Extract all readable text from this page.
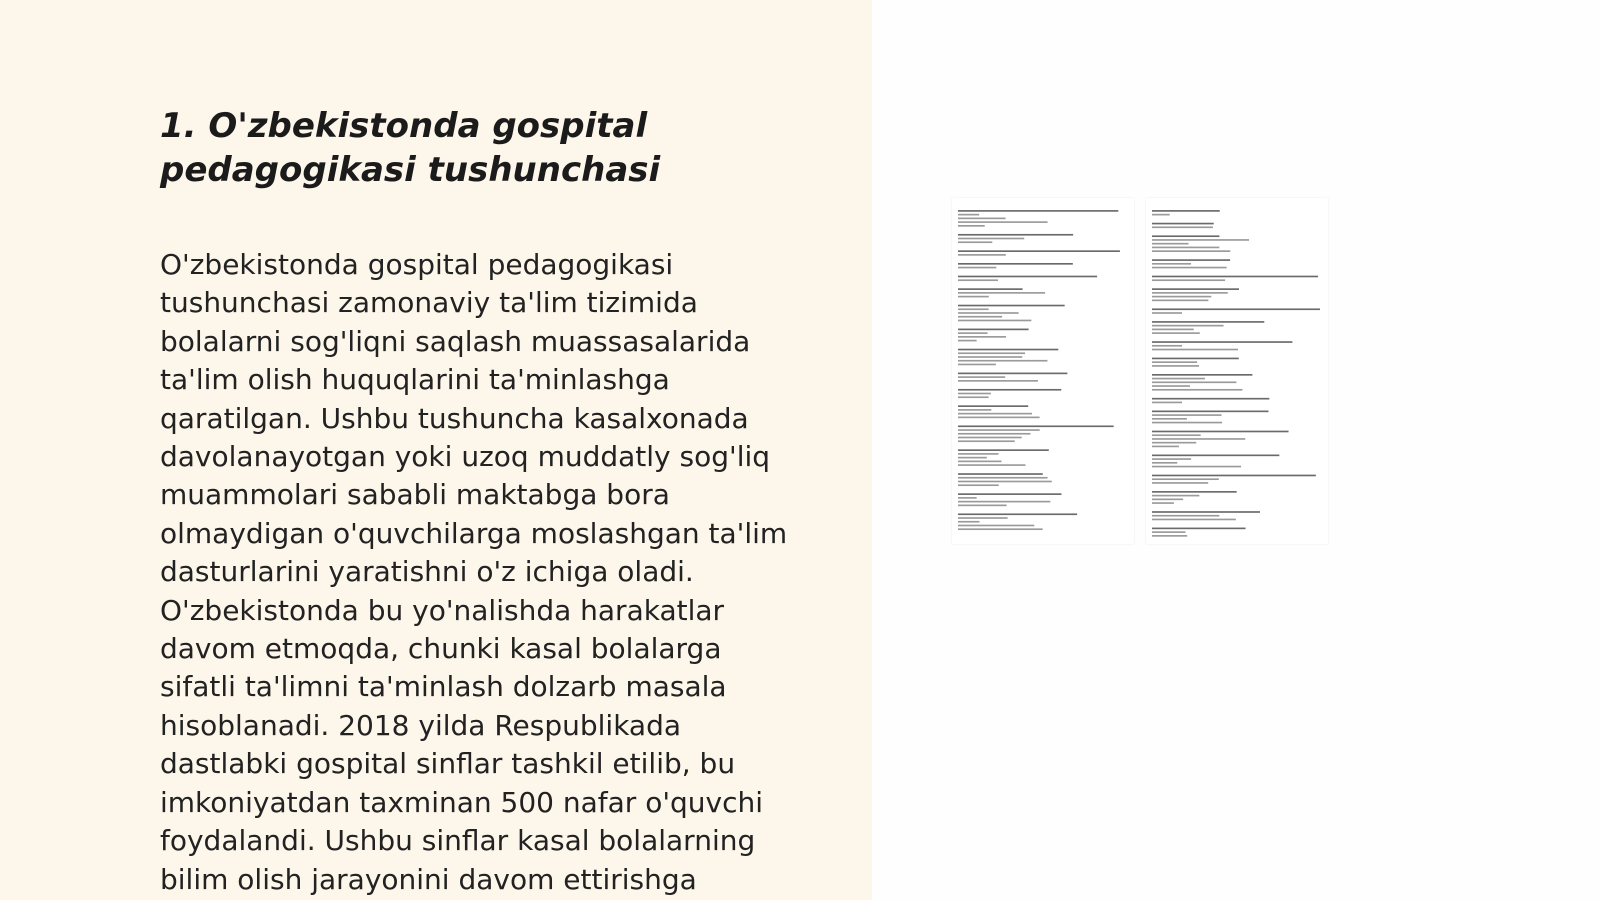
1. O'zbekistonda gospital
pedagogikasi tushunchasi

O'zbekistonda gospital pedagogikasi
tushunchasi zamonaviy ta'lim tizimida
bolalarni sog'liqni saqlash muassasalarida
ta'lim olish huquqlarini ta'minlashga
qaratilgan. Ushbu tushuncha kasalxonada
davolanayotgan yoki uzoq muddatly sog'liq
muammolari sababli maktabga bora
olmaydigan o'quvchilarga moslashgan ta'lim
dasturlarini yaratishni o'z ichiga oladi.
O'zbekistonda bu yo'nalishda harakatlar
davom etmoqda, chunki kasal bolalarga
sifatli ta'limni ta'minlash dolzarb masala
hisoblanadi. 2018 yilda Respublikada
dastlabki gospital sinflar tashkil etilib, bu
imkoniyatdan taxminan 500 nafar o'quvchi
foydalandi. Ushbu sinflar kasal bolalarning
bilim olish jarayonini davom ettirishga
